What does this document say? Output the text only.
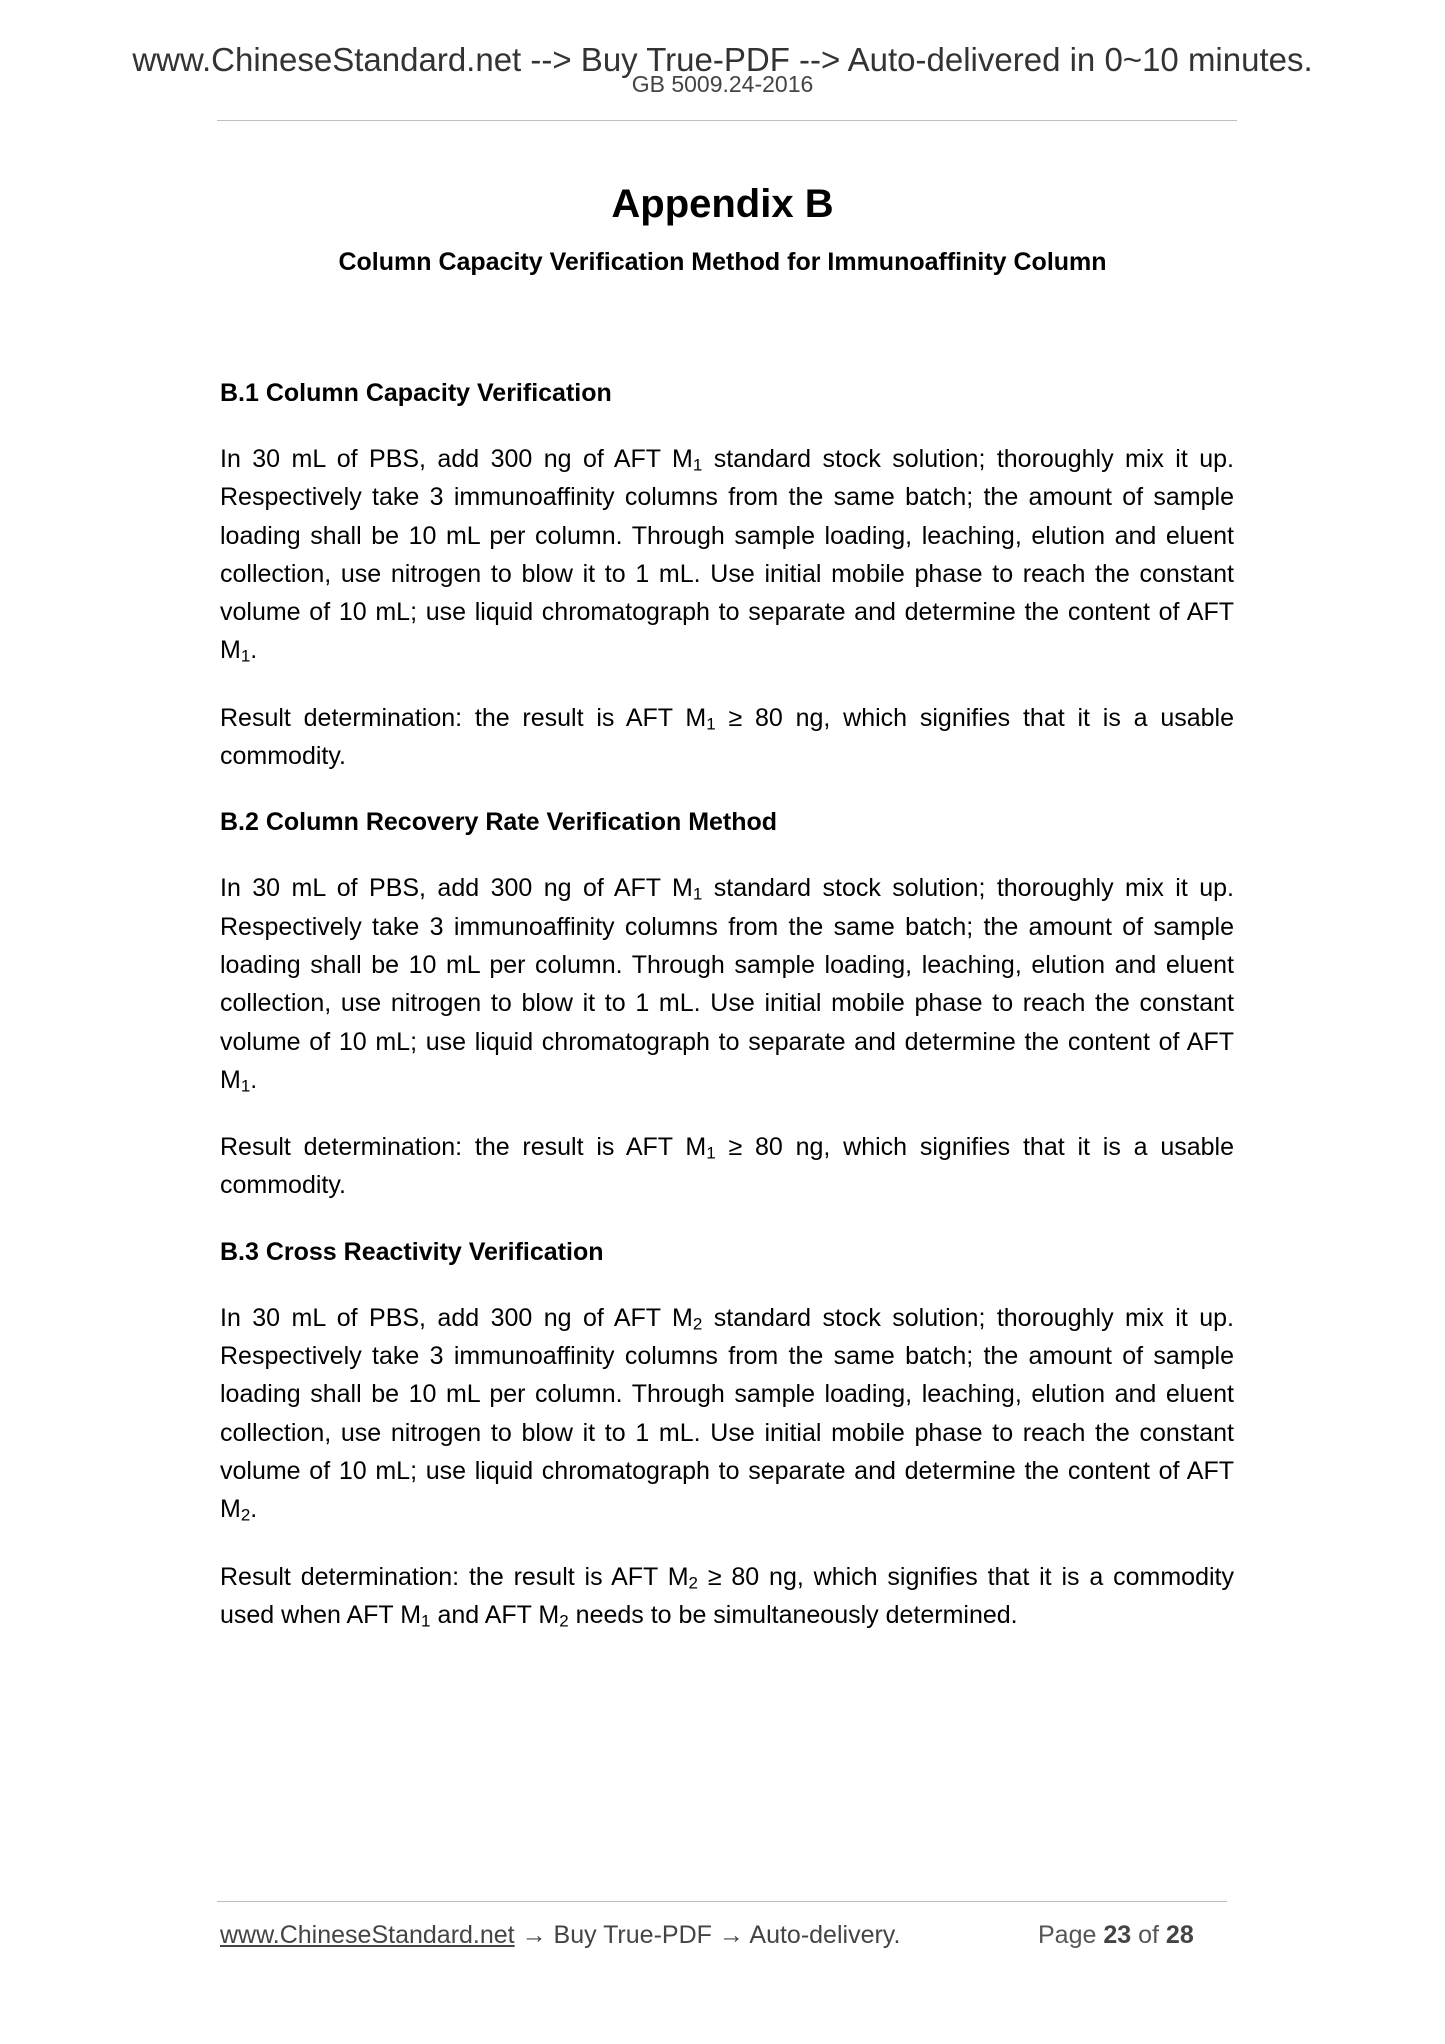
www.ChineseStandard.net --> Buy True-PDF --> Auto-delivered in 0~10 minutes.
GB 5009.24-2016
Appendix B
Column Capacity Verification Method for Immunoaffinity Column
B.1 Column Capacity Verification
In 30 mL of PBS, add 300 ng of AFT $M_1$ standard stock solution; thoroughly mix it up. Respectively take 3 immunoaffinity columns from the same batch; the amount of sample loading shall be 10 mL per column. Through sample loading, leaching, elution and eluent collection, use nitrogen to blow it to 1 mL. Use initial mobile phase to reach the constant volume of 10 mL; use liquid chromatograph to separate and determine the content of AFT $M_1$.
Result determination: the result is AFT $M_1 \ge 80$ ng, which signifies that it is a usable commodity.
B.2 Column Recovery Rate Verification Method
In 30 mL of PBS, add 300 ng of AFT $M_1$ standard stock solution; thoroughly mix it up. Respectively take 3 immunoaffinity columns from the same batch; the amount of sample loading shall be 10 mL per column. Through sample loading, leaching, elution and eluent collection, use nitrogen to blow it to 1 mL. Use initial mobile phase to reach the constant volume of 10 mL; use liquid chromatograph to separate and determine the content of AFT $M_1$.
Result determination: the result is AFT $M_1 \ge 80$ ng, which signifies that it is a usable commodity.
B.3 Cross Reactivity Verification
In 30 mL of PBS, add 300 ng of AFT $M_2$ standard stock solution; thoroughly mix it up. Respectively take 3 immunoaffinity columns from the same batch; the amount of sample loading shall be 10 mL per column. Through sample loading, leaching, elution and eluent collection, use nitrogen to blow it to 1 mL. Use initial mobile phase to reach the constant volume of 10 mL; use liquid chromatograph to separate and determine the content of AFT $M_2$.
Result determination: the result is AFT $M_2 \ge 80$ ng, which signifies that it is a commodity used when AFT $M_1$ and AFT $M_2$ needs to be simultaneously determined.
www.ChineseStandard.net → Buy True-PDF → Auto-delivery.	Page 23 of 28
